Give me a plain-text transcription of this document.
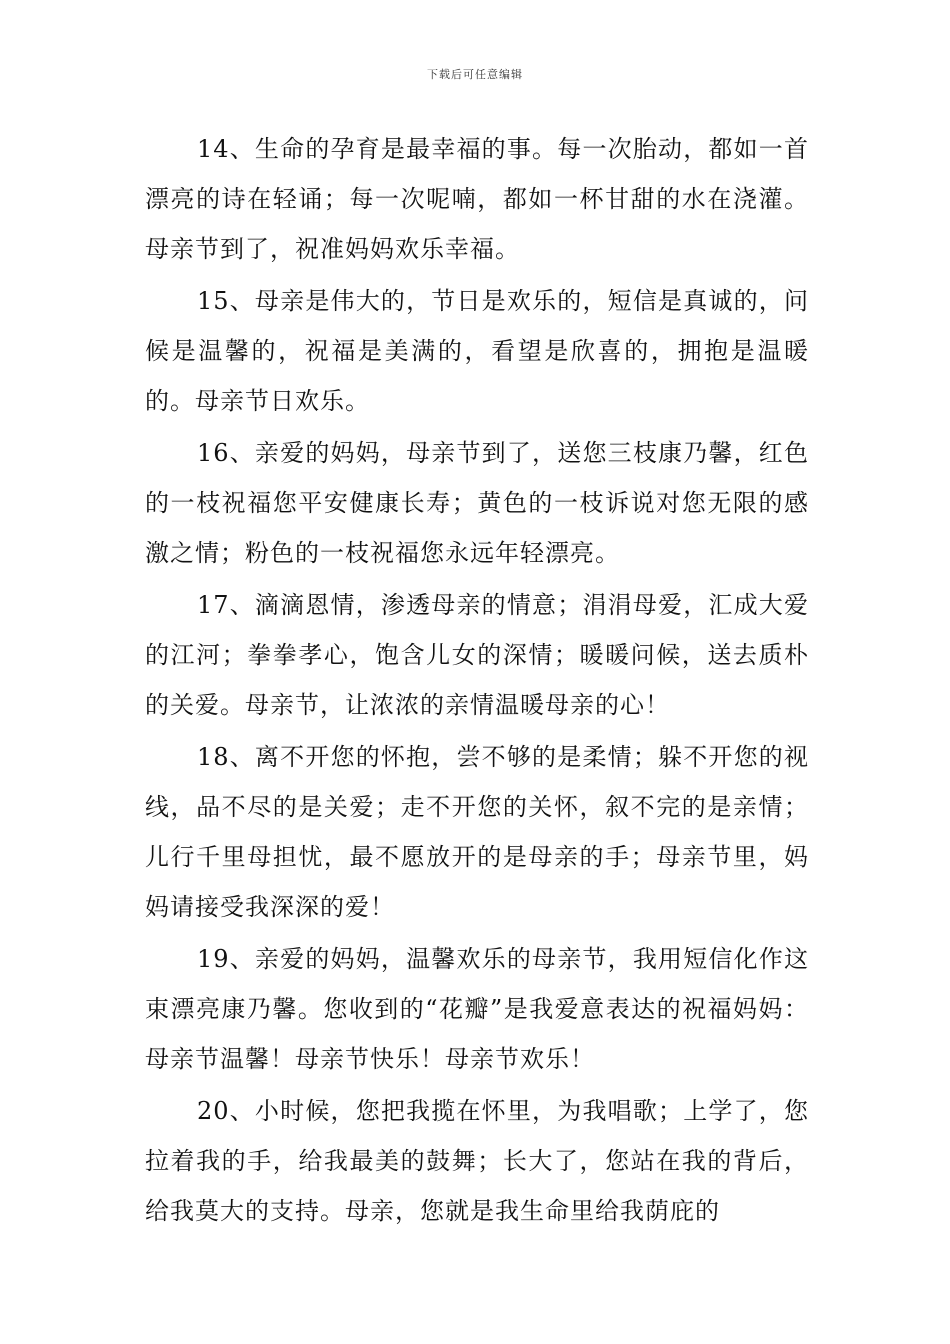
下载后可任意编辑

14、生命的孕育是最幸福的事。每一次胎动，都如一首漂亮的诗在轻诵；每一次呢喃，都如一杯甘甜的水在浇灌。母亲节到了，祝准妈妈欢乐幸福。

15、母亲是伟大的，节日是欢乐的，短信是真诚的，问候是温馨的，祝福是美满的，看望是欣喜的，拥抱是温暖的。母亲节日欢乐。

16、亲爱的妈妈，母亲节到了，送您三枝康乃馨，红色的一枝祝福您平安健康长寿；黄色的一枝诉说对您无限的感激之情；粉色的一枝祝福您永远年轻漂亮。

17、滴滴恩情，渗透母亲的情意；涓涓母爱，汇成大爱的江河；拳拳孝心，饱含儿女的深情；暖暖问候，送去质朴的关爱。母亲节，让浓浓的亲情温暖母亲的心！

18、离不开您的怀抱，尝不够的是柔情；躲不开您的视线，品不尽的是关爱；走不开您的关怀，叙不完的是亲情；儿行千里母担忧，最不愿放开的是母亲的手；母亲节里，妈妈请接受我深深的爱！

19、亲爱的妈妈，温馨欢乐的母亲节，我用短信化作这束漂亮康乃馨。您收到的“花瓣”是我爱意表达的祝福妈妈：母亲节温馨！母亲节快乐！母亲节欢乐！

20、小时候，您把我揽在怀里，为我唱歌；上学了，您拉着我的手，给我最美的鼓舞；长大了，您站在我的背后，给我莫大的支持。母亲，您就是我生命里给我荫庇的
